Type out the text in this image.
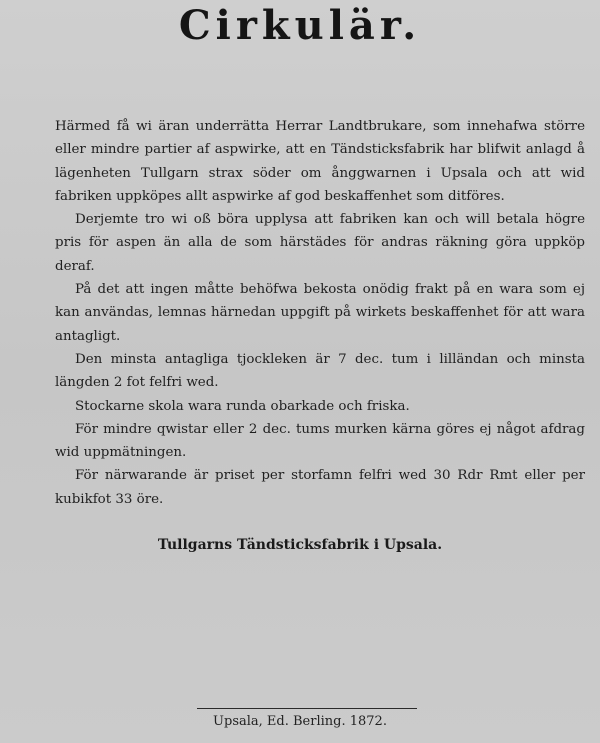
Cirkulär.

Härmed få wi äran underrätta Herrar Landtbrukare, som innehafwa större eller mindre partier af aspwirke, att en Tändsticksfabrik har blifwit anlagd å lägenheten Tullgarn strax söder om ånggwarnen i Upsala och att wid fabriken uppköpes allt aspwirke af god beskaffenhet som ditföres.

Derjemte tro wi oß böra upplysa att fabriken kan och will betala högre pris för aspen än alla de som härstädes för andras räkning göra uppköp deraf.

På det att ingen måtte behöfwa bekosta onödig frakt på en wara som ej kan användas, lemnas härnedan uppgift på wirkets beskaffenhet för att wara antagligt.

Den minsta antagliga tjockleken är 7 dec. tum i lilländan och minsta längden 2 fot felfri wed.

Stockarne skola wara runda obarkade och friska.

För mindre qwistar eller 2 dec. tums murken kärna göres ej något afdrag wid uppmätningen.

För närwarande är priset per storfamn felfri wed 30 Rdr Rmt eller per kubikfot 33 öre.

Tullgarns Tändsticksfabrik i Upsala.
Upsala, Ed. Berling. 1872.
